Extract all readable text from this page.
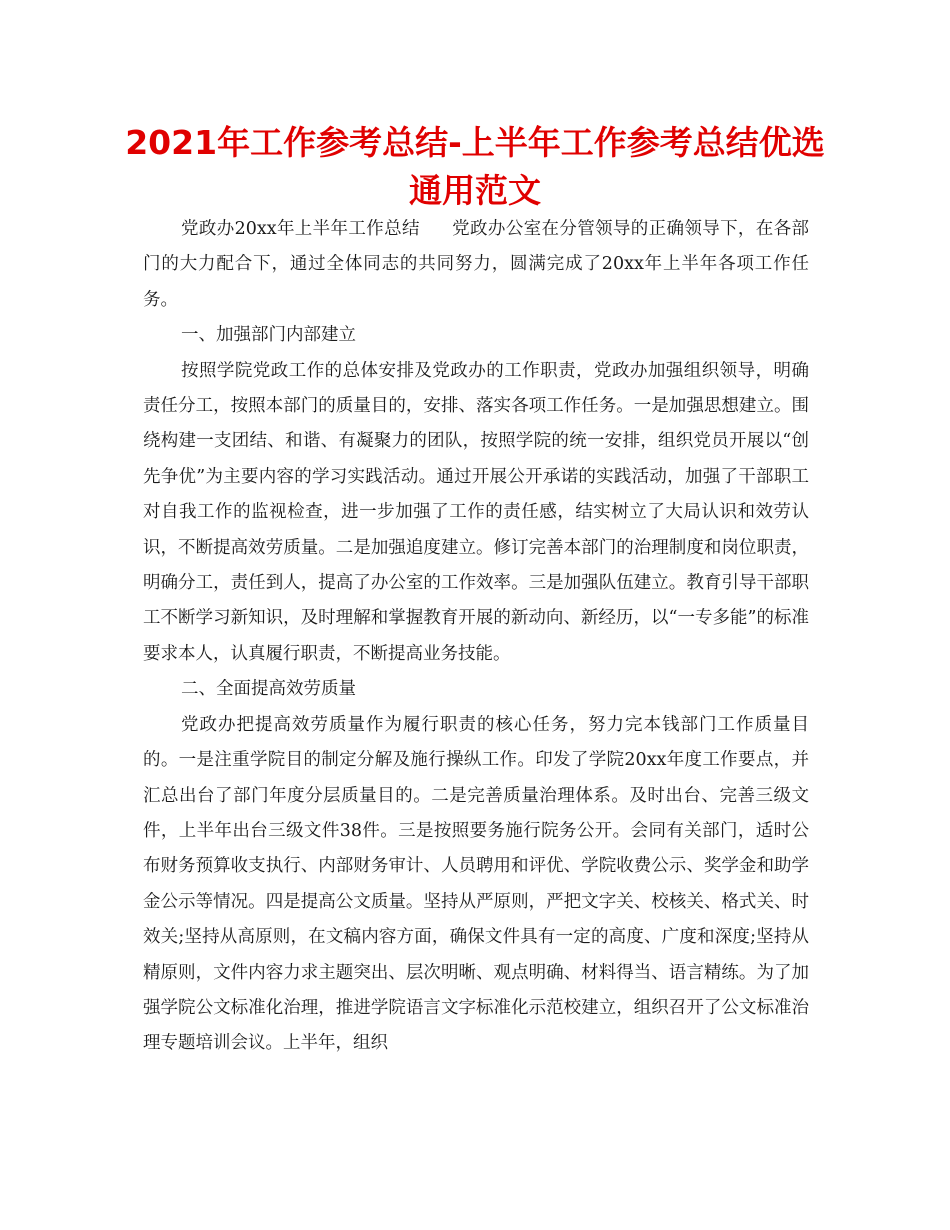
2021年工作参考总结-上半年工作参考总结优选通用范文

党政办20xx年上半年工作总结 党政办公室在分管领导的正确领导下，在各部门的大力配合下，通过全体同志的共同努力，圆满完成了20xx年上半年各项工作任务。

一、加强部门内部建立

按照学院党政工作的总体安排及党政办的工作职责，党政办加强组织领导，明确责任分工，按照本部门的质量目的，安排、落实各项工作任务。一是加强思想建立。围绕构建一支团结、和谐、有凝聚力的团队，按照学院的统一安排，组织党员开展以“创先争优”为主要内容的学习实践活动。通过开展公开承诺的实践活动，加强了干部职工对自我工作的监视检查，进一步加强了工作的责任感，结实树立了大局认识和效劳认识，不断提高效劳质量。二是加强追度建立。修订完善本部门的治理制度和岗位职责，明确分工，责任到人，提高了办公室的工作效率。三是加强队伍建立。教育引导干部职工不断学习新知识，及时理解和掌握教育开展的新动向、新经历，以“一专多能”的标准要求本人，认真履行职责，不断提高业务技能。

二、全面提高效劳质量

党政办把提高效劳质量作为履行职责的核心任务，努力完本钱部门工作质量目的。一是注重学院目的制定分解及施行操纵工作。印发了学院20xx年度工作要点，并汇总出台了部门年度分层质量目的。二是完善质量治理体系。及时出台、完善三级文件，上半年出台三级文件38件。三是按照要务施行院务公开。会同有关部门，适时公布财务预算收支执行、内部财务审计、人员聘用和评优、学院收费公示、奖学金和助学金公示等情况。四是提高公文质量。坚持从严原则，严把文字关、校核关、格式关、时效关;坚持从高原则，在文稿内容方面，确保文件具有一定的高度、广度和深度;坚持从精原则，文件内容力求主题突出、层次明晰、观点明确、材料得当、语言精练。为了加强学院公文标准化治理，推进学院语言文字标准化示范校建立，组织召开了公文标准治理专题培训会议。上半年，组织
